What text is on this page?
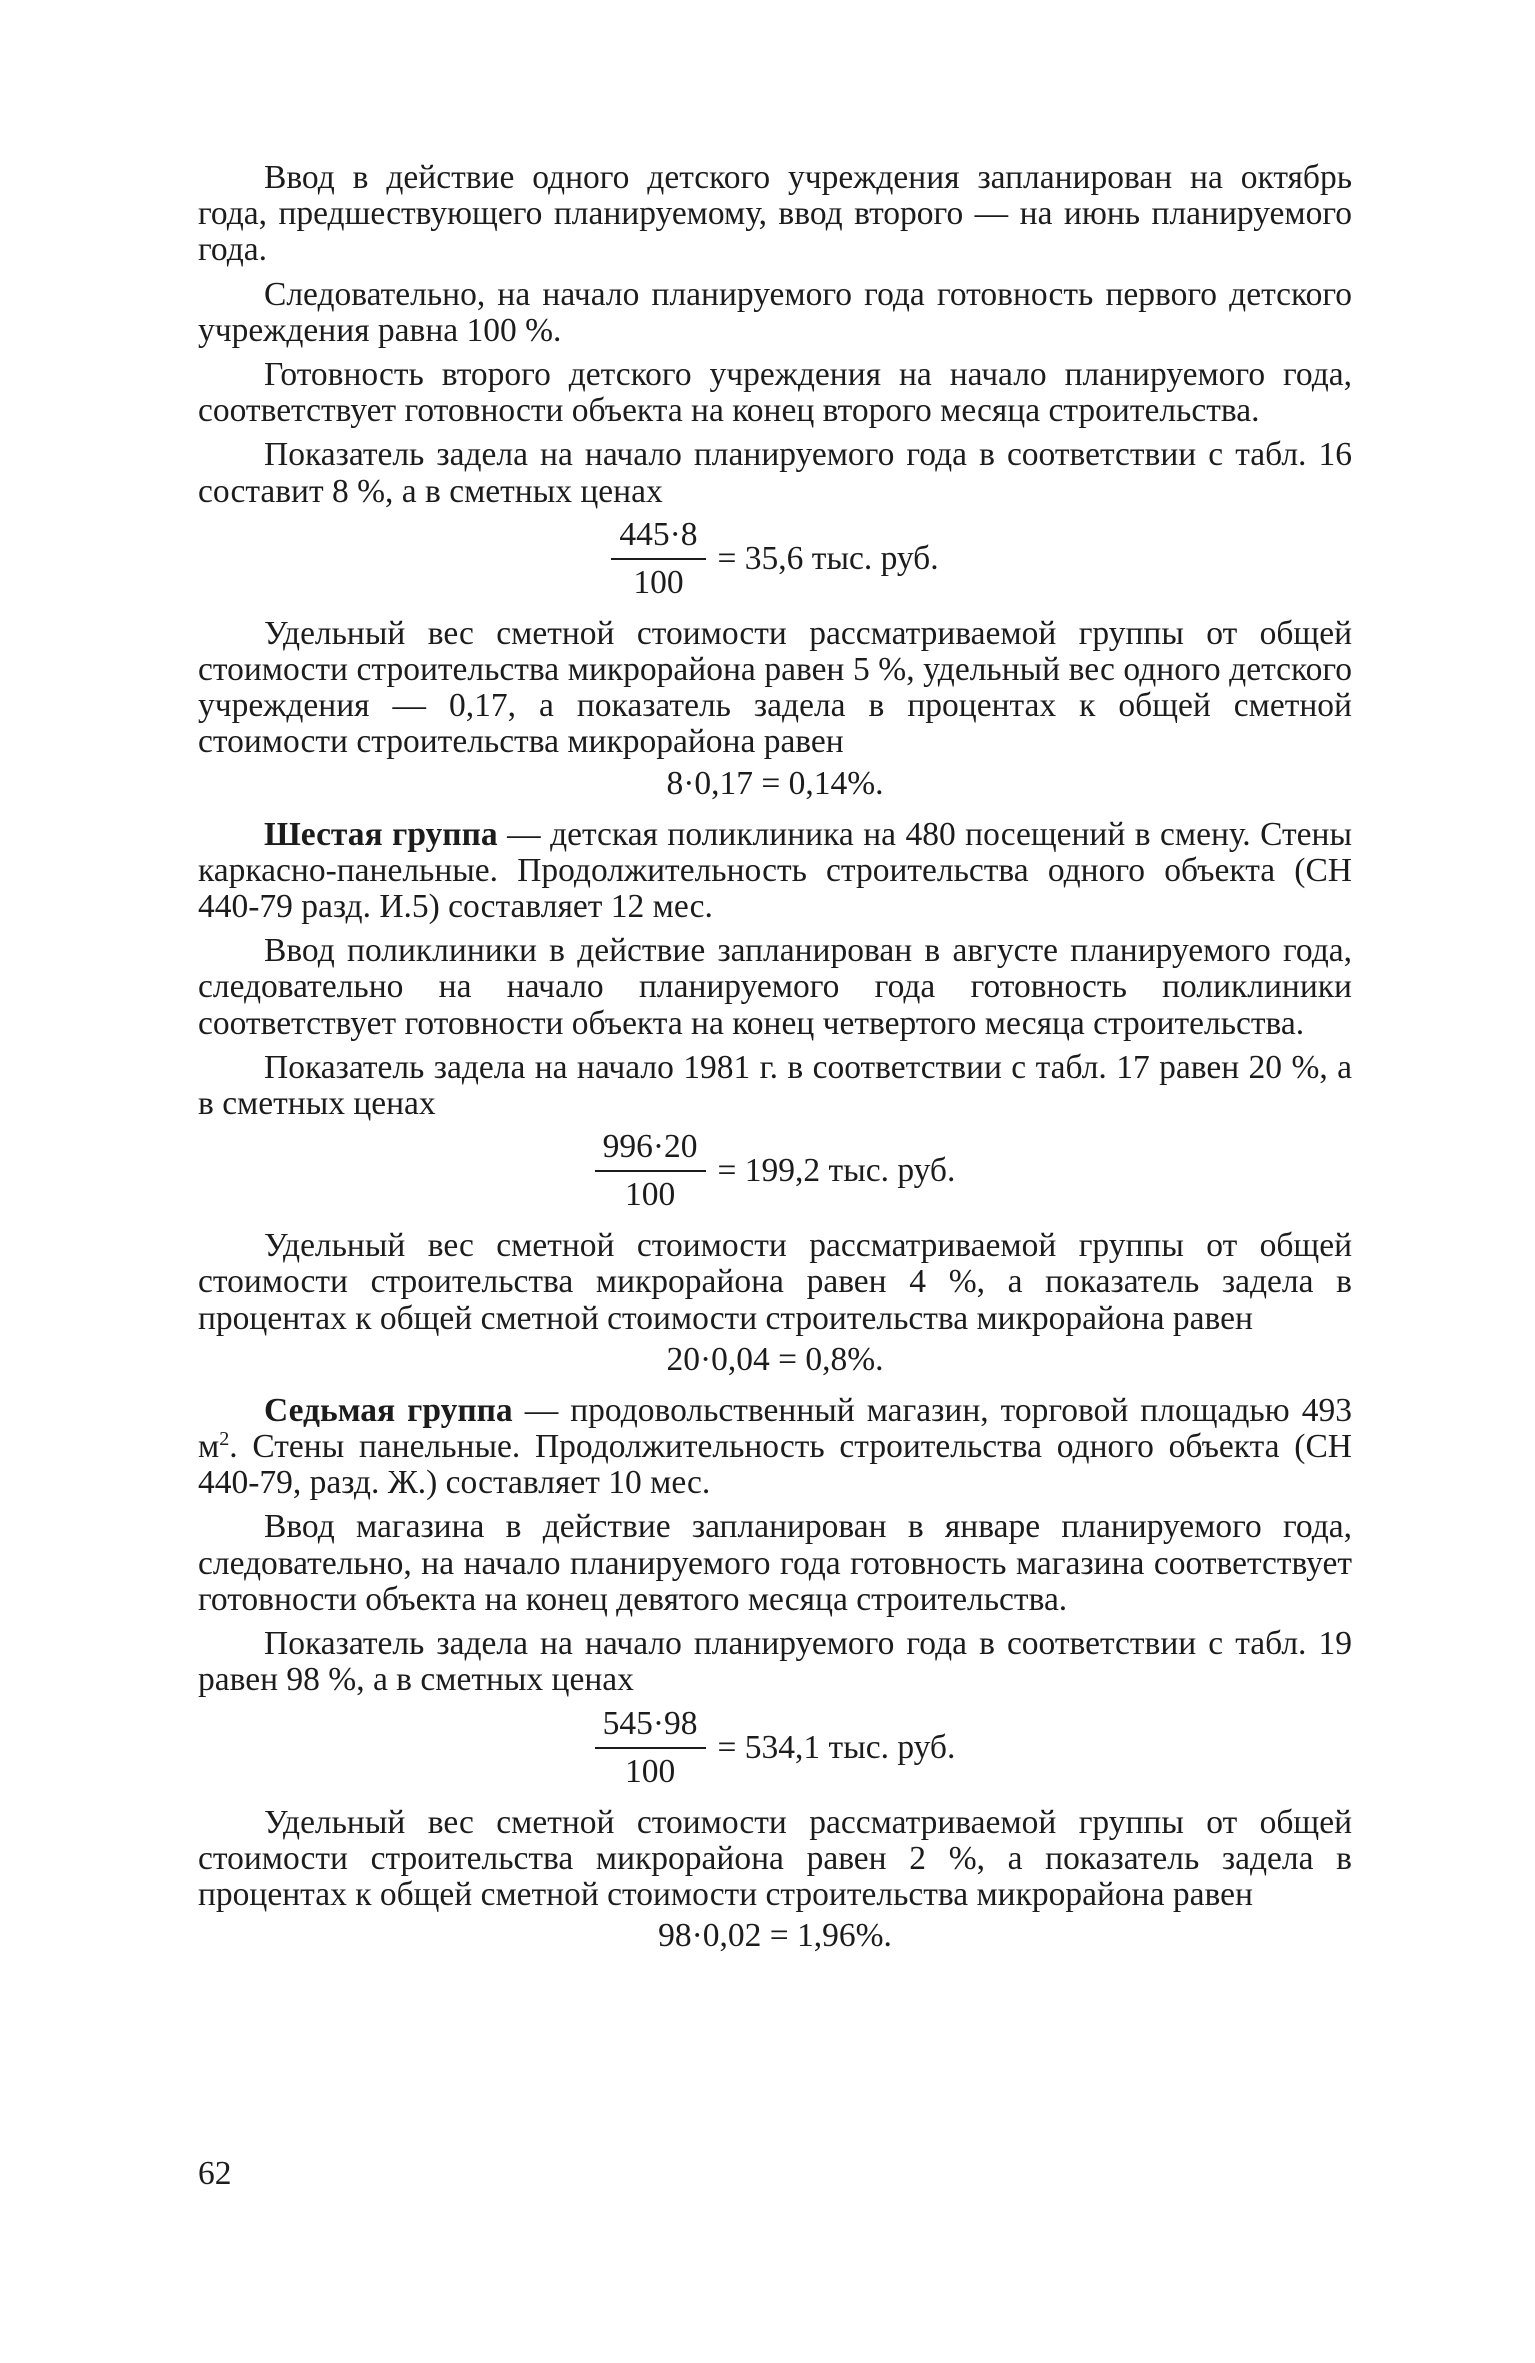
Ввод в действие одного детского учреждения запланирован на октябрь года, предшествующего планируемому, ввод второго — на июнь планируемого года.

Следовательно, на начало планируемого года готовность первого детского учреждения равна 100 %.

Готовность второго детского учреждения на начало планируемого года, соответствует готовности объекта на конец второго месяца строительства.

Показатель задела на начало планируемого года в соответствии с табл. 16 составит 8 %, а в сметных ценах

$\frac{445\cdot 8}{100} = 35,6$ тыс. руб.

Удельный вес сметной стоимости рассматриваемой группы от общей стоимости строительства микрорайона равен 5 %, удельный вес одного детского учреждения — 0,17, а показатель задела в процентах к общей сметной стоимости строительства микрорайона равен

8·0,17 = 0,14%.

Шестая группа — детская поликлиника на 480 посещений в смену. Стены каркасно-панельные. Продолжительность строительства одного объекта (СН 440-79 разд. И.5) составляет 12 мес.

Ввод поликлиники в действие запланирован в августе планируемого года, следовательно на начало планируемого года готовность поликлиники соответствует готовности объекта на конец четвертого месяца строительства.

Показатель задела на начало 1981 г. в соответствии с табл. 17 равен 20 %, а в сметных ценах

$\frac{996\cdot 20}{100} = 199,2$ тыс. руб.

Удельный вес сметной стоимости рассматриваемой группы от общей стоимости строительства микрорайона равен 4 %, а показатель задела в процентах к общей сметной стоимости строительства микрорайона равен

20·0,04 = 0,8%.

Седьмая группа — продовольственный магазин, торговой площадью 493 $м^2$. Стены панельные. Продолжительность строительства одного объекта (СН 440-79, разд. Ж.) составляет 10 мес.

Ввод магазина в действие запланирован в январе планируемого года, следовательно, на начало планируемого года готовность магазина соответствует готовности объекта на конец девятого месяца строительства.

Показатель задела на начало планируемого года в соответствии с табл. 19 равен 98 %, а в сметных ценах

$\frac{545\cdot 98}{100} = 534,1$ тыс. руб.

Удельный вес сметной стоимости рассматриваемой группы от общей стоимости строительства микрорайона равен 2 %, а показатель задела в процентах к общей сметной стоимости строительства микрорайона равен

98·0,02 = 1,96%.
62
